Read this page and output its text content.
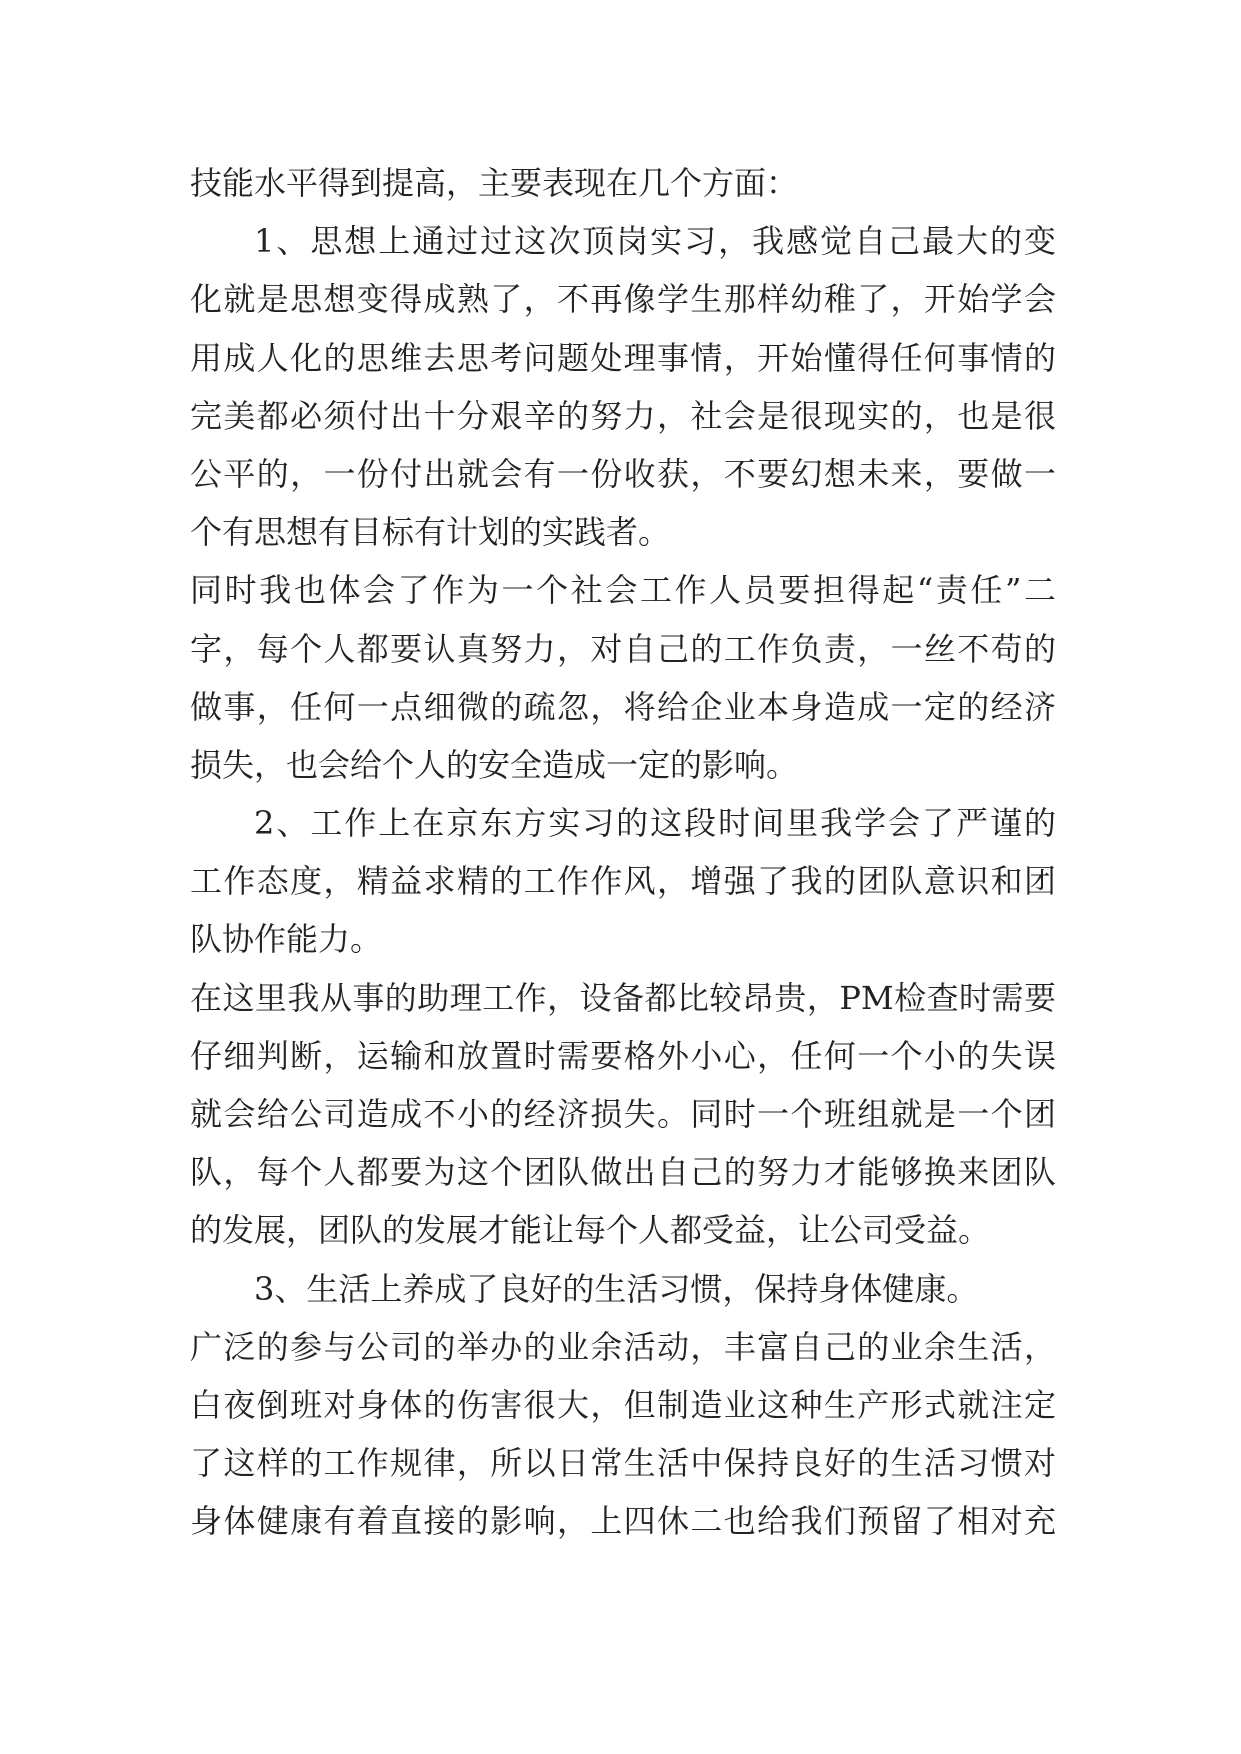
技能水平得到提高，主要表现在几个方面：
1、思想上通过过这次顶岗实习，我感觉自己最大的变
化就是思想变得成熟了，不再像学生那样幼稚了，开始学会
用成人化的思维去思考问题处理事情，开始懂得任何事情的
完美都必须付出十分艰辛的努力，社会是很现实的，也是很
公平的，一份付出就会有一份收获，不要幻想未来，要做一
个有思想有目标有计划的实践者。
同时我也体会了作为一个社会工作人员要担得起“责任”二
字，每个人都要认真努力，对自己的工作负责，一丝不苟的
做事，任何一点细微的疏忽，将给企业本身造成一定的经济
损失，也会给个人的安全造成一定的影响。
2、工作上在京东方实习的这段时间里我学会了严谨的
工作态度，精益求精的工作作风，增强了我的团队意识和团
队协作能力。
在这里我从事的助理工作，设备都比较昂贵，PM检查时需要
仔细判断，运输和放置时需要格外小心，任何一个小的失误
就会给公司造成不小的经济损失。同时一个班组就是一个团
队，每个人都要为这个团队做出自己的努力才能够换来团队
的发展，团队的发展才能让每个人都受益，让公司受益。
3、生活上养成了良好的生活习惯，保持身体健康。
广泛的参与公司的举办的业余活动，丰富自己的业余生活，
白夜倒班对身体的伤害很大，但制造业这种生产形式就注定
了这样的工作规律，所以日常生活中保持良好的生活习惯对
身体健康有着直接的影响，上四休二也给我们预留了相对充
